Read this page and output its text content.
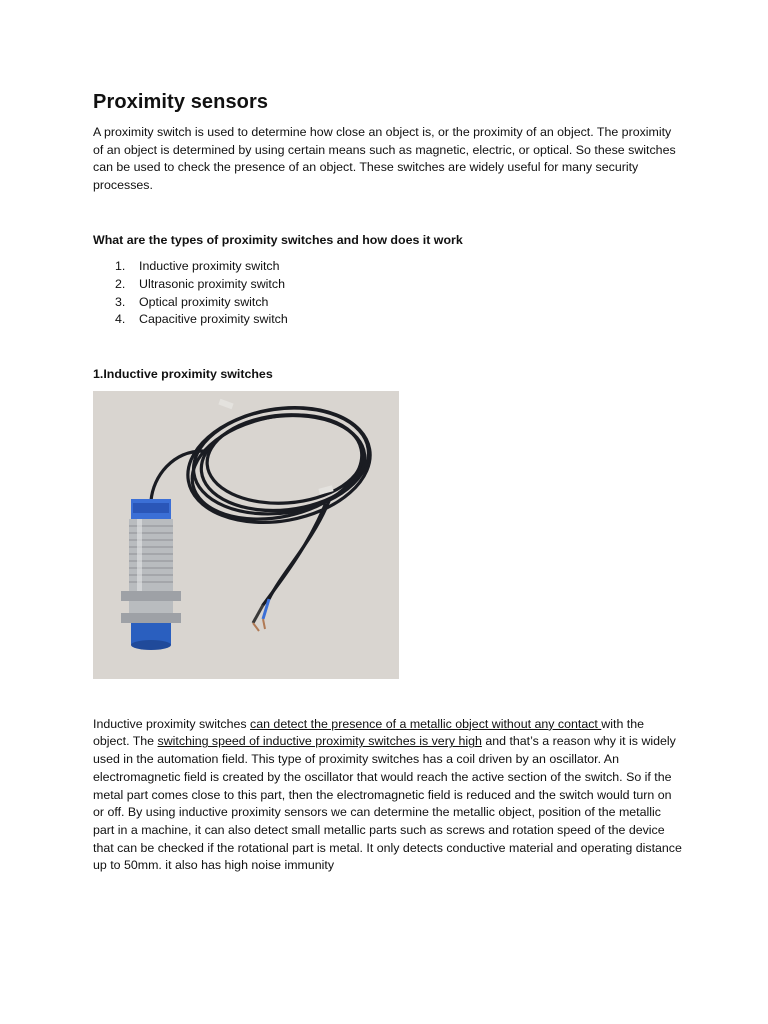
Proximity sensors

A proximity switch is used to determine how close an object is, or the proximity of an object. The proximity of an object is determined by using certain means such as magnetic, electric, or optical. So these switches can be used to check the presence of an object. These switches are widely useful for many security processes.

What are the types of proximity switches and how does it work
1.	Inductive proximity switch
2.	Ultrasonic proximity switch
3.	Optical proximity switch
4.	Capacitive proximity switch
1.Inductive proximity switches

Inductive proximity switches can detect the presence of a metallic object without any contact with the object. The switching speed of inductive proximity switches is very high and that’s a reason why it is widely used in the automation field. This type of proximity switches has a coil driven by an oscillator. An electromagnetic field is created by the oscillator that would reach the active section of the switch. So if the metal part comes close to this part, then the electromagnetic field is reduced and the switch would turn on or off. By using inductive proximity sensors we can determine the metallic object, position of the metallic part in a machine, it can also detect small metallic parts such as screws and rotation speed of the device that can be checked if the rotational part is metal. It only detects conductive material and operating distance up to 50mm. it also has high noise immunity
